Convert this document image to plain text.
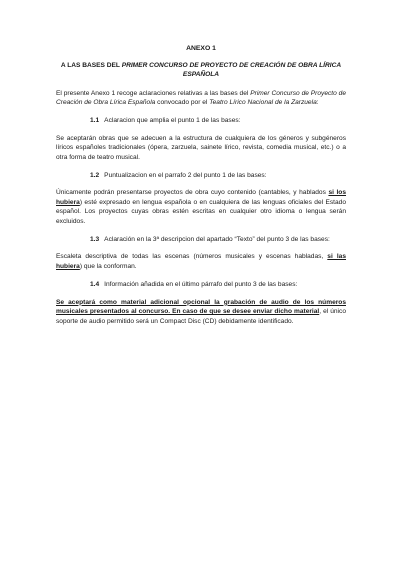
ANEXO 1
A LAS BASES DEL PRIMER CONCURSO DE PROYECTO DE CREACIÓN DE OBRA LÍRICA
ESPAÑOLA

El presente Anexo 1 recoge aclaraciones relativas a las bases del Primer Concurso de Proyecto de Creación de Obra Lírica Española convocado por el Teatro Lírico Nacional de la Zarzuela:

1.1 Aclaracion que amplia el punto 1 de las bases:

Se aceptarán obras que se adecuen a la estructura de cualquiera de los géneros y subgéneros líricos españoles tradicionales (ópera, zarzuela, sainete lírico, revista, comedia musical, etc.) o a otra forma de teatro musical.

1.2 Puntualizacion en el parrafo 2 del punto 1 de las bases:

Únicamente podrán presentarse proyectos de obra cuyo contenido (cantables, y hablados si los hubiera) esté expresado en lengua española o en cualquiera de las lenguas oficiales del Estado español. Los proyectos cuyas obras estén escritas en cualquier otro idioma o lengua serán excluidos.

1.3 Aclaración en la 3ª descripcion del apartado “Texto” del punto 3 de las bases:

Escaleta descriptiva de todas las escenas (números musicales y escenas habladas, si las hubiera) que la conforman.

1.4 Información añadida en el último párrafo del punto 3 de las bases:

Se aceptará como material adicional opcional la grabación de audio de los números musicales presentados al concurso. En caso de que se desee enviar dicho material, el único soporte de audio permitido será un Compact Disc (CD) debidamente identificado.
